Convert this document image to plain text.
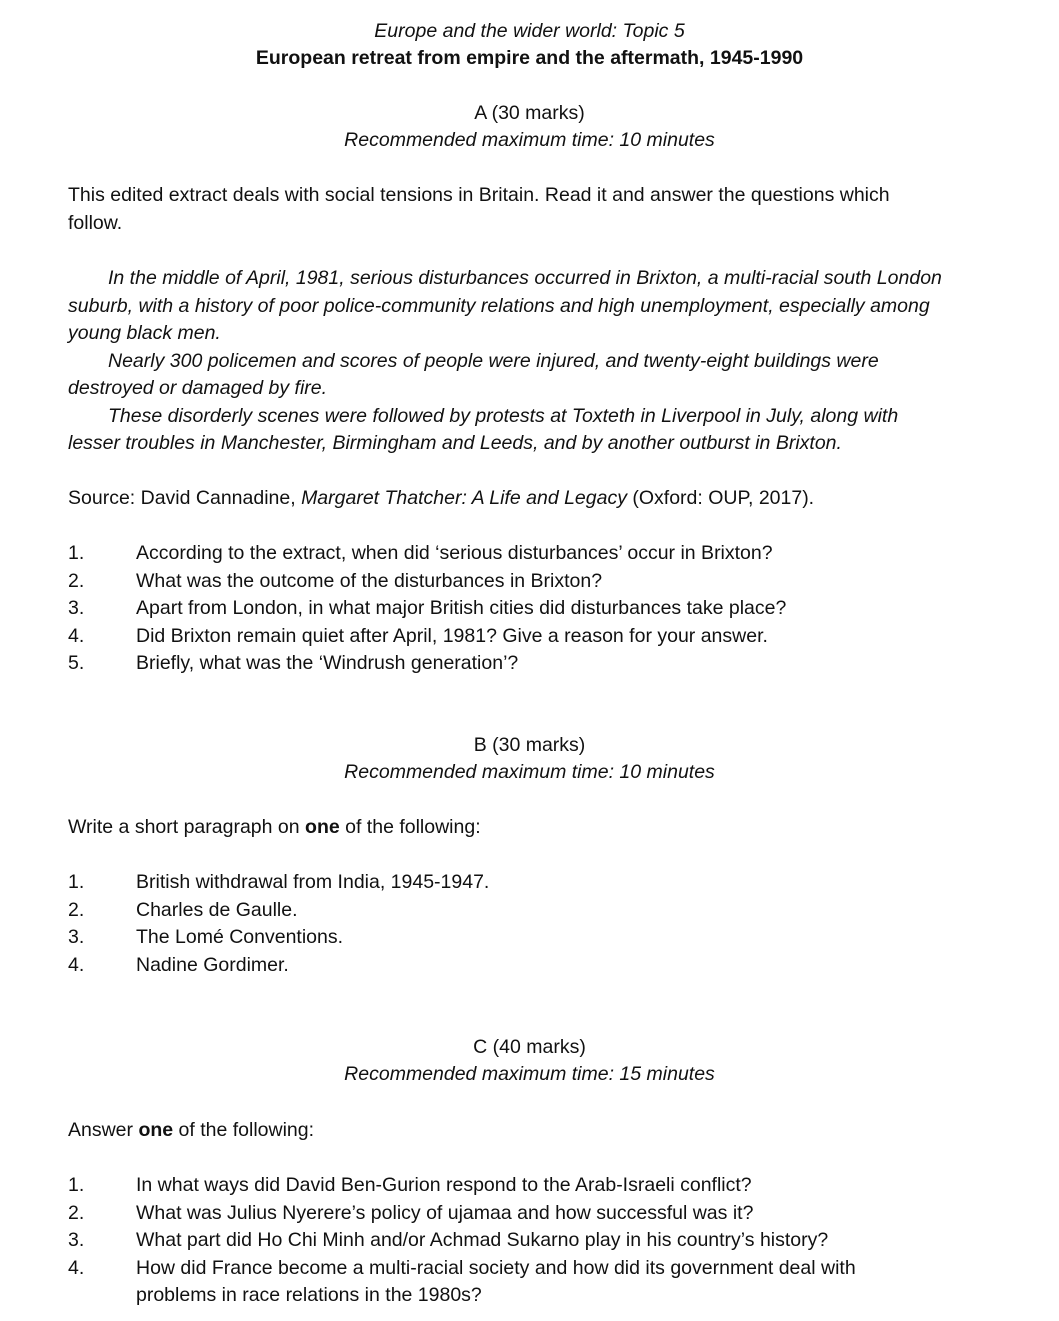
Europe and the wider world: Topic 5
European retreat from empire and the aftermath, 1945-1990
A (30 marks)
Recommended maximum time: 10 minutes

This edited extract deals with social tensions in Britain. Read it and answer the questions which follow.

In the middle of April, 1981, serious disturbances occurred in Brixton, a multi-racial south London suburb, with a history of poor police-community relations and high unemployment, especially among young black men.

Nearly 300 policemen and scores of people were injured, and twenty-eight buildings were destroyed or damaged by fire.

These disorderly scenes were followed by protests at Toxteth in Liverpool in July, along with lesser troubles in Manchester, Birmingham and Leeds, and by another outburst in Brixton.

Source: David Cannadine, Margaret Thatcher: A Life and Legacy (Oxford: OUP, 2017).
1.	According to the extract, when did ‘serious disturbances’ occur in Brixton?
2.	What was the outcome of the disturbances in Brixton?
3.	Apart from London, in what major British cities did disturbances take place?
4.	Did Brixton remain quiet after April, 1981? Give a reason for your answer.
5.	Briefly, what was the ‘Windrush generation’?
B (30 marks)
Recommended maximum time: 10 minutes
Write a short paragraph on one of the following:
1.	British withdrawal from India, 1945-1947.
2.	Charles de Gaulle.
3.	The Lomé Conventions.
4.	Nadine Gordimer.
C (40 marks)
Recommended maximum time: 15 minutes
Answer one of the following:
1.	In what ways did David Ben-Gurion respond to the Arab-Israeli conflict?
2.	What was Julius Nyerere’s policy of ujamaa and how successful was it?
3.	What part did Ho Chi Minh and/or Achmad Sukarno play in his country’s history?
4.	How did France become a multi-racial society and how did its government deal with problems in race relations in the 1980s?
